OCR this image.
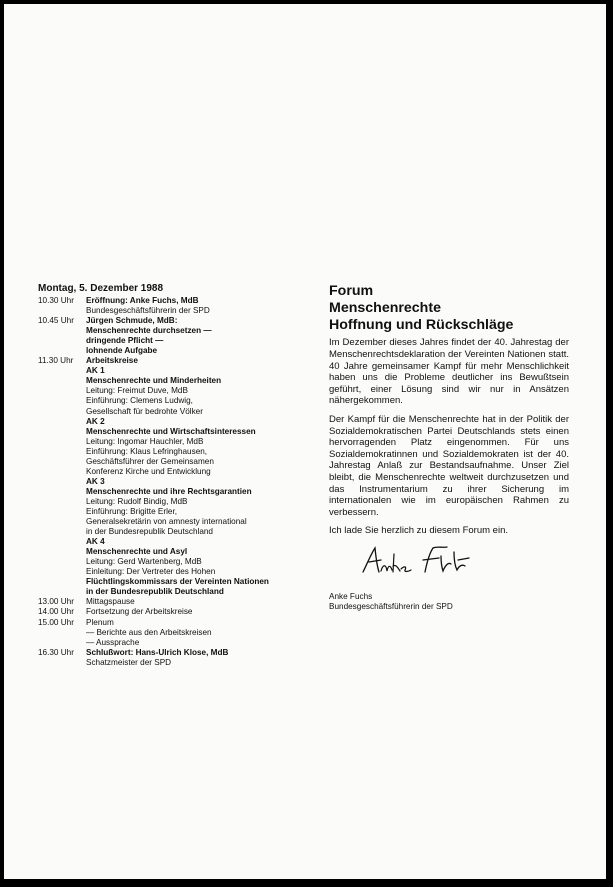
Montag, 5. Dezember 1988
10.30 Uhr	Eröffnung: Anke Fuchs, MdB
Bundesgeschäftsführerin der SPD
10.45 Uhr	Jürgen Schmude, MdB:
Menschenrechte durchsetzen —
dringende Pflicht —
lohnende Aufgabe
11.30 Uhr	Arbeitskreise
AK 1
Menschenrechte und Minderheiten
Leitung: Freimut Duve, MdB
Einführung: Clemens Ludwig,
Gesellschaft für bedrohte Völker
AK 2
Menschenrechte und Wirtschaftsinteressen
Leitung: Ingomar Hauchler, MdB
Einführung: Klaus Lefringhausen,
Geschäftsführer der Gemeinsamen
Konferenz Kirche und Entwicklung
AK 3
Menschenrechte und ihre Rechtsgarantien
Leitung: Rudolf Bindig, MdB
Einführung: Brigitte Erler,
Generalsekretärin von amnesty international
in der Bundesrepublik Deutschland
AK 4
Menschenrechte und Asyl
Leitung: Gerd Wartenberg, MdB
Einleitung: Der Vertreter des Hohen
Flüchtlingskommissars der Vereinten Nationen
in der Bundesrepublik Deutschland
13.00 Uhr	Mittagspause
14.00 Uhr	Fortsetzung der Arbeitskreise
15.00 Uhr	Plenum
— Berichte aus den Arbeitskreisen
— Aussprache
16.30 Uhr	Schlußwort: Hans-Ulrich Klose, MdB
Schatzmeister der SPD
Forum
Menschenrechte
Hoffnung und Rückschläge

Im Dezember dieses Jahres findet der 40. Jahrestag der Menschenrechtsdeklaration der Vereinten Nationen statt. 40 Jahre gemeinsamer Kampf für mehr Menschlichkeit haben uns die Probleme deutlicher ins Bewußtsein geführt, einer Lösung sind wir nur in Ansätzen nähergekommen.

Der Kampf für die Menschenrechte hat in der Politik der Sozialdemokratischen Partei Deutschlands stets einen hervorragenden Platz eingenommen. Für uns Sozialdemokratinnen und Sozialdemokraten ist der 40. Jahrestag Anlaß zur Bestandsaufnahme. Unser Ziel bleibt, die Menschenrechte weltweit durchzusetzen und das Instrumentarium zu ihrer Sicherung im internationalen wie im europäischen Rahmen zu verbessern.

Ich lade Sie herzlich zu diesem Forum ein.

Anke Fuchs
Bundesgeschäftsführerin der SPD
